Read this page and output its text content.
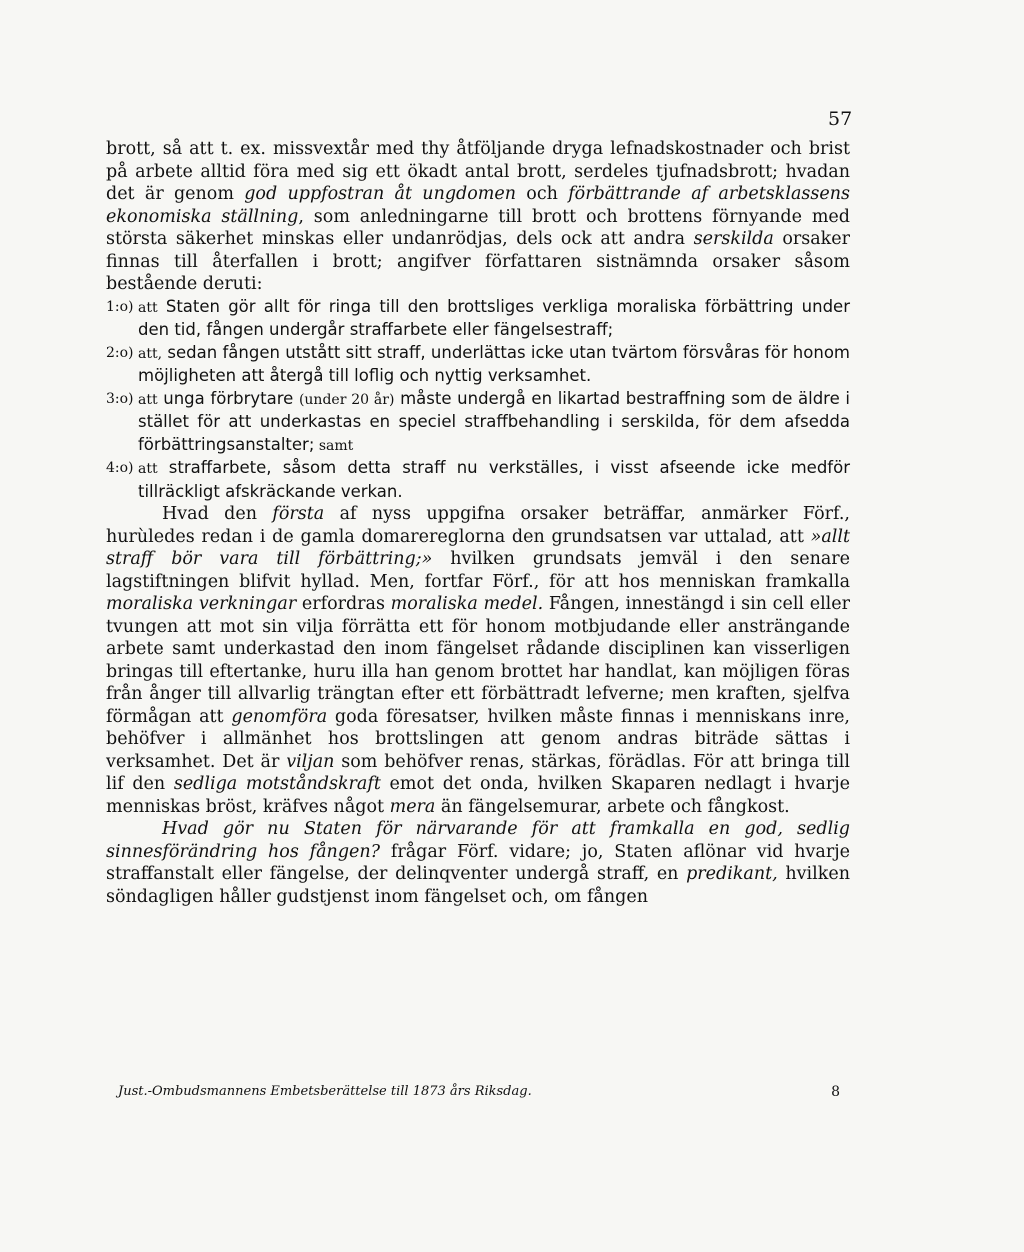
57

brott, så att t. ex. missvextår med thy åtföljande dryga lefnadskostnader och brist på arbete alltid föra med sig ett ökadt antal brott, serdeles tjufnadsbrott; hvadan det är genom god uppfostran åt ungdomen och förbättrande af arbetsklassens ekonomiska ställning, som anledningarne till brott och brottens förnyande med största säkerhet minskas eller undanrödjas, dels ock att andra serskilda orsaker finnas till återfallen i brott; angifver författaren sistnämnda orsaker såsom bestående deruti:

1:o) att Staten gör allt för ringa till den brottsliges verkliga moraliska förbättring under den tid, fången undergår straffarbete eller fängelsestraff;
2:o) att, sedan fången utstått sitt straff, underlättas icke utan tvärtom försvåras för honom möjligheten att återgå till loflig och nyttig verksamhet.
3:o) att unga förbrytare (under 20 år) måste undergå en likartad bestraffning som de äldre i stället för att underkastas en speciel straffbehandling i serskilda, för dem afsedda förbättringsanstalter; samt
4:o) att straffarbete, såsom detta straff nu verkställes, i visst afseende icke medför tillräckligt afskräckande verkan.

Hvad den första af nyss uppgifna orsaker beträffar, anmärker Förf., hurùledes redan i de gamla domarereglorna den grundsatsen var uttalad, att »allt straff bör vara till förbättring;» hvilken grundsats jemväl i den senare lagstiftningen blifvit hyllad. Men, fortfar Förf., för att hos menniskan framkalla moraliska verkningar erfordras moraliska medel. Fången, innestängd i sin cell eller tvungen att mot sin vilja förrätta ett för honom motbjudande eller ansträngande arbete samt underkastad den inom fängelset rådande disciplinen kan visserligen bringas till eftertanke, huru illa han genom brottet har handlat, kan möjligen föras från ånger till allvarlig trängtan efter ett förbättradt lefverne; men kraften, sjelfva förmågan att genomföra goda föresatser, hvilken måste finnas i menniskans inre, behöfver i allmänhet hos brottslingen att genom andras biträde sättas i verksamhet. Det är viljan som behöfver renas, stärkas, förädlas. För att bringa till lif den sedliga motståndskraft emot det onda, hvilken Skaparen nedlagt i hvarje menniskas bröst, kräfves något mera än fängelsemurar, arbete och fångkost.

Hvad gör nu Staten för närvarande för att framkalla en god, sedlig sinnesförändring hos fången? frågar Förf. vidare; jo, Staten aflönar vid hvarje straffanstalt eller fängelse, der delinqventer undergå straff, en predikant, hvilken söndagligen håller gudstjenst inom fängelset och, om fången

Just.-Ombudsmannens Embetsberättelse till 1873 års Riksdag.	8
